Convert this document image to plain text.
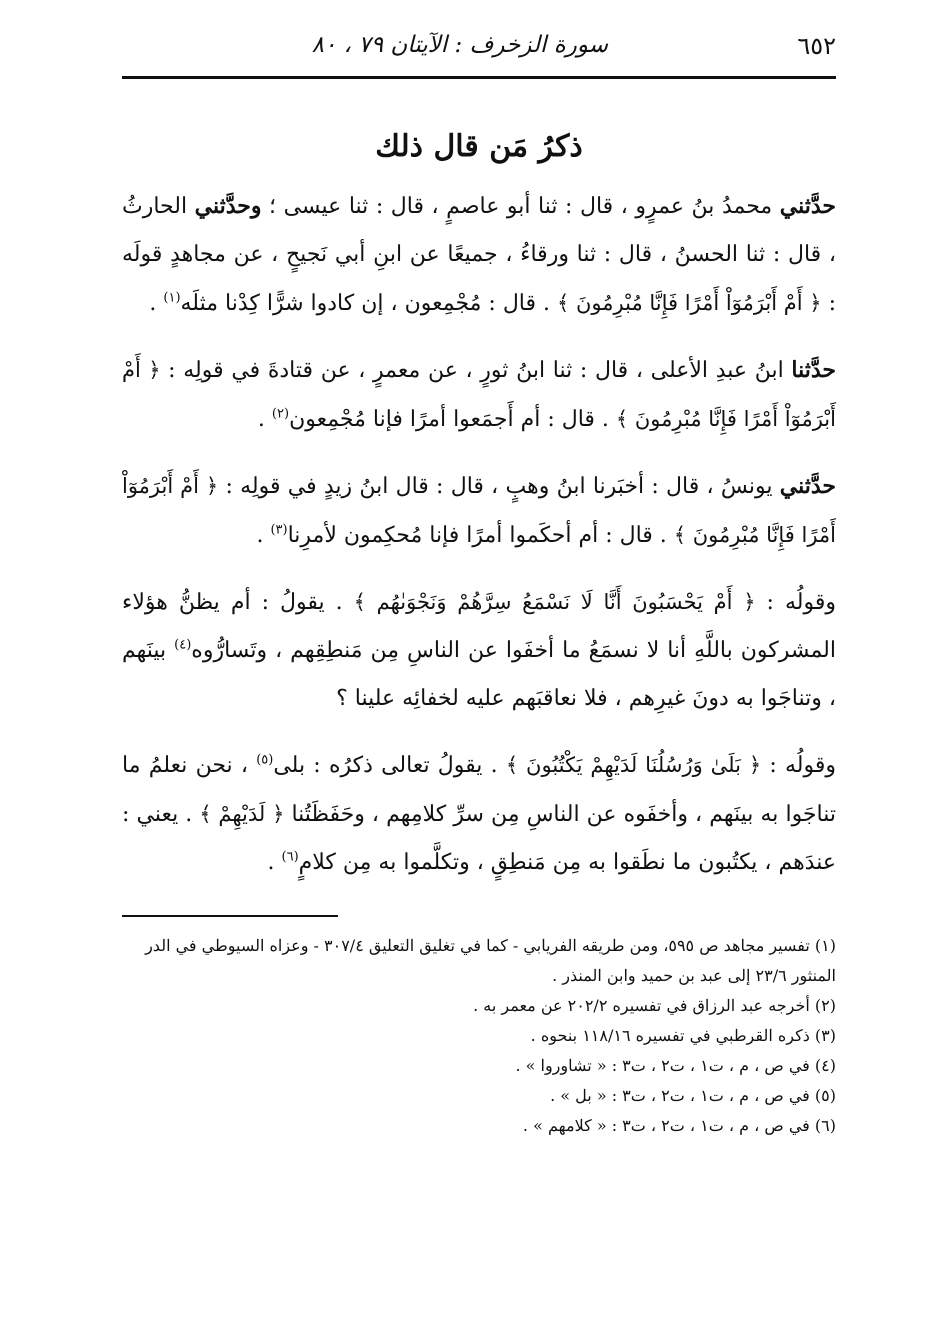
٦٥٢
سورة الزخرف : الآيتان ٧٩ ، ٨٠
ذكرُ مَن قال ذلك

حدَّثني محمدُ بنُ عمرٍو ، قال : ثنا أبو عاصمٍ ، قال : ثنا عيسى ؛ وحدَّثني الحارثُ ، قال : ثنا الحسنُ ، قال : ثنا ورقاءُ ، جميعًا عن ابنِ أبي نَجيحٍ ، عن مجاهدٍ قولَه : ﴿ أَمْ أَبْرَمُوٓاْ أَمْرًا فَإِنَّا مُبْرِمُونَ ﴾ . قال : مُجْمِعون ، إن كادوا شرًّا كِدْنا مثلَه$^{(١)}$ .

حدَّثنا ابنُ عبدِ الأعلى ، قال : ثنا ابنُ ثورٍ ، عن معمرٍ ، عن قتادةَ في قولِه : ﴿ أَمْ أَبْرَمُوٓاْ أَمْرًا فَإِنَّا مُبْرِمُونَ ﴾ . قال : أم أَجمَعوا أمرًا فإنا مُجْمِعون$^{(٢)}$ .

حدَّثني يونسُ ، قال : أخبَرنا ابنُ وهبٍ ، قال : قال ابنُ زيدٍ في قولِه : ﴿ أَمْ أَبْرَمُوٓاْ أَمْرًا فَإِنَّا مُبْرِمُونَ ﴾ . قال : أم أحكَموا أمرًا فإنا مُحكِمون لأمرِنا$^{(٣)}$ .

وقولُه : ﴿ أَمْ يَحْسَبُونَ أَنَّا لَا نَسْمَعُ سِرَّهُمْ وَنَجْوَىٰهُم ﴾ . يقولُ : أم يظنُّ هؤلاء المشركون باللَّهِ أنا لا نسمَعُ ما أخفَوا عن الناسِ مِن مَنطِقِهم ، وتَسارُّوه$^{(٤)}$ بينَهم ، وتناجَوا به دونَ غيرِهم ، فلا نعاقبَهم عليه لخفائِه علينا ؟

وقولُه : ﴿ بَلَىٰ وَرُسُلُنَا لَدَيْهِمْ يَكْتُبُونَ ﴾ . يقولُ تعالى ذكرُه : بلى$^{(٥)}$ ، نحن نعلمُ ما تناجَوا به بينَهم ، وأخفَوه عن الناسِ مِن سرِّ كلامِهم ، وحَفَظَتُنا ﴿ لَدَيْهِمْ ﴾ . يعني : عندَهم ، يكتُبون ما نطَقوا به مِن مَنطِقٍ ، وتكلَّموا به مِن كلامٍ$^{(٦)}$ .

(١) تفسير مجاهد ص ٥٩٥، ومن طريقه الفريابي - كما في تغليق التعليق ٣٠٧/٤ - وعزاه السيوطي في الدر المنثور ٢٣/٦ إلى عبد بن حميد وابن المنذر .
(٢) أخرجه عبد الرزاق في تفسيره ٢٠٢/٢ عن معمر به .
(٣) ذكره القرطبي في تفسيره ١١٨/١٦ بنحوه .
(٤) في ص ، م ، ت١ ، ت٢ ، ت٣ : « تشاوروا » .
(٥) في ص ، م ، ت١ ، ت٢ ، ت٣ : « بل » .
(٦) في ص ، م ، ت١ ، ت٢ ، ت٣ : « كلامهم » .
